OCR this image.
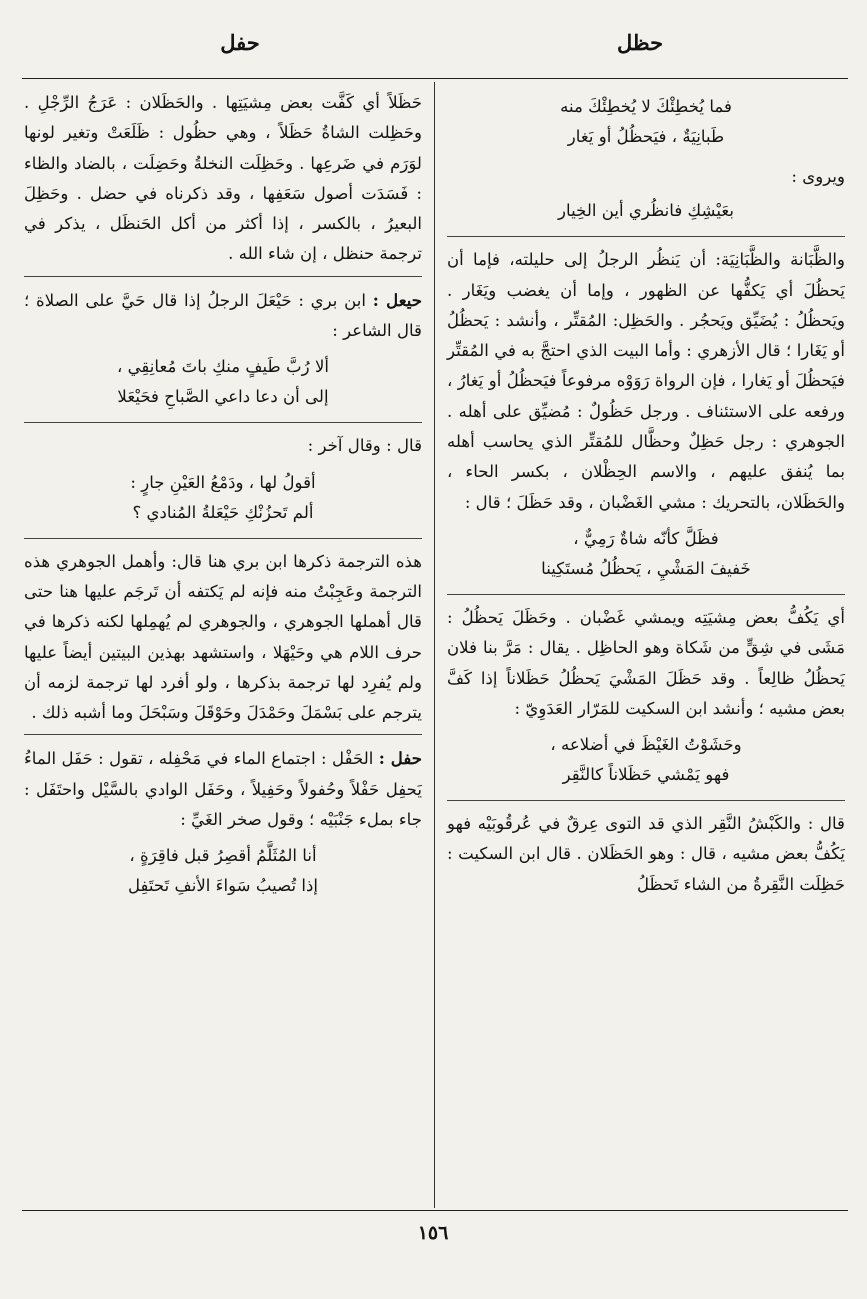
حظل
حفل
فما يُخطِئْكَ لا يُخطِئْكَ منه
طَبانِيَةٌ ، فيَحظُلُ أو يَغار

ويروى :

بعَيْشِكِ فانظُري أين الخِيار

والظَّبَانة والظَّبَانِيَة: أن يَنظُر الرجلُ إلى حليلته، فإما أن يَحظُلَ أي يَكفُّها عن الظهور ، وإما أن يغضب ويَغَار . ويَحظُلُ : يُضَيِّق ويَحجُر . والحَظِل: المُقتِّر ، وأنشد : يَحظُلُ أو يَغَارا ؛ قال الأزهري : وأما البيت الذي احتجَّ به في المُقتِّر فيَحظُلَ أو يَغارا ، فإن الرواة رَوَوْه مرفوعاً فيَحظُلُ أو يَغارُ ، ورفعه على الاستئناف . ورجل حَظُولٌ : مُضيِّق على أهله . الجوهري : رجل حَظِلٌ وحظَّال للمُقتِّر الذي يحاسب أهله بما يُنفق عليهم ، والاسم الحِظْلان ، بكسر الحاء ، والحَظَلان، بالتحريك : مشي الغَضْبان ، وقد حَظَلَ ؛ قال :

فظَلَّ كأنّه شاةٌ رَمِيٌّ ،
خَفيفَ المَشْيِ ، يَحظُلُ مُستَكِينا

أي يَكُفُّ بعض مِشيَتِه ويمشي غَضْبان . وحَظَلَ يَحظُلُ : مَشَى في شِقٍّ من شَكاة وهو الحاظِل . يقال : مَرَّ بنا فلان يَحظُلُ ظالِعاً . وقد حَظَلَ المَشْيَ يَحظُلُ حَظَلاناً إذا كَفَّ بعض مشيه ؛ وأنشد ابن السكيت للمَرّار العَدَوِيّ :

وحَشَوْتُ الغَيْظَ في أضلاعه ،
فهو يَمْشي حَظَلاناً كالنَّقِر

قال : والكَبْشُ النَّقِر الذي قد التوى عِرقٌ في عُرقُوبَيْه فهو يَكُفُّ بعض مشيه ، قال : وهو الحَظَلان . قال ابن السكيت : حَظِلَت النَّقِرةُ من الشاء تَحظَلُ

حَظَلاً أي كَفَّت بعض مِشيَتِها . والحَظَلان : عَرَجُ الرِّجْلِ . وحَظِلت الشاةُ حَظَلاً ، وهي حظُول : ظَلَعَتْ وتغير لونها لوَرَم في ضَرعِها . وحَظِلَت النخلةُ وحَضِلَت ، بالضاد والظاء : فَسَدَت أصول سَعَفِها ، وقد ذكرناه في حضل . وحَظِلَ البعيرُ ، بالكسر ، إذا أكثر من أكل الحَنظَل ، يذكر في ترجمة حنظل ، إن شاء الله .

حيعل : ابن بري : حَيْعَلَ الرجلُ إذا قال حَيَّ على الصلاة ؛ قال الشاعر :

ألا رُبَّ طَيفٍ منكِ باتَ مُعانِقِي ،
إلى أن دعا داعي الصَّباحِ فحَيْعَلا

قال : وقال آخر :

أقولُ لها ، ودَمْعُ العَيْنِ جارٍ :
ألم تَحزُنْكِ حَيْعَلةُ المُنادي ؟

هذه الترجمة ذكرها ابن بري هنا قال: وأهمل الجوهري هذه الترجمة وعَجِبْتُ منه فإنه لم يَكتفه أن تَرجَم عليها هنا حتى قال أهملها الجوهري ، والجوهري لم يُهمِلها لكنه ذكرها في حرف اللام هي وحَيْهَلا ، واستشهد بهذين البيتين أيضاً عليها ولم يُفرِد لها ترجمة بذكرها ، ولو أفرد لها ترجمة لزمه أن يترجم على بَسْمَلَ وحَمْدَلَ وحَوْقَلَ وسَبْحَلَ وما أشبه ذلك .

حفل : الحَفْل : اجتماع الماء في مَحْفِله ، تقول : حَفَل الماءُ يَحفِل حَفْلاً وحُفولاً وحَفِيلاً ، وحَفَل الوادي بالسَّيْل واحتَفَل : جاء بملء جَنْبَيْه ؛ وقول صخر الغَيِّ :

أنا المُثَلَّمُ أقصِرُ قبل فاقِرَةٍ ،
إذا تُصيبُ سَواءَ الأنفِ تَحتَفِل
١٥٦
